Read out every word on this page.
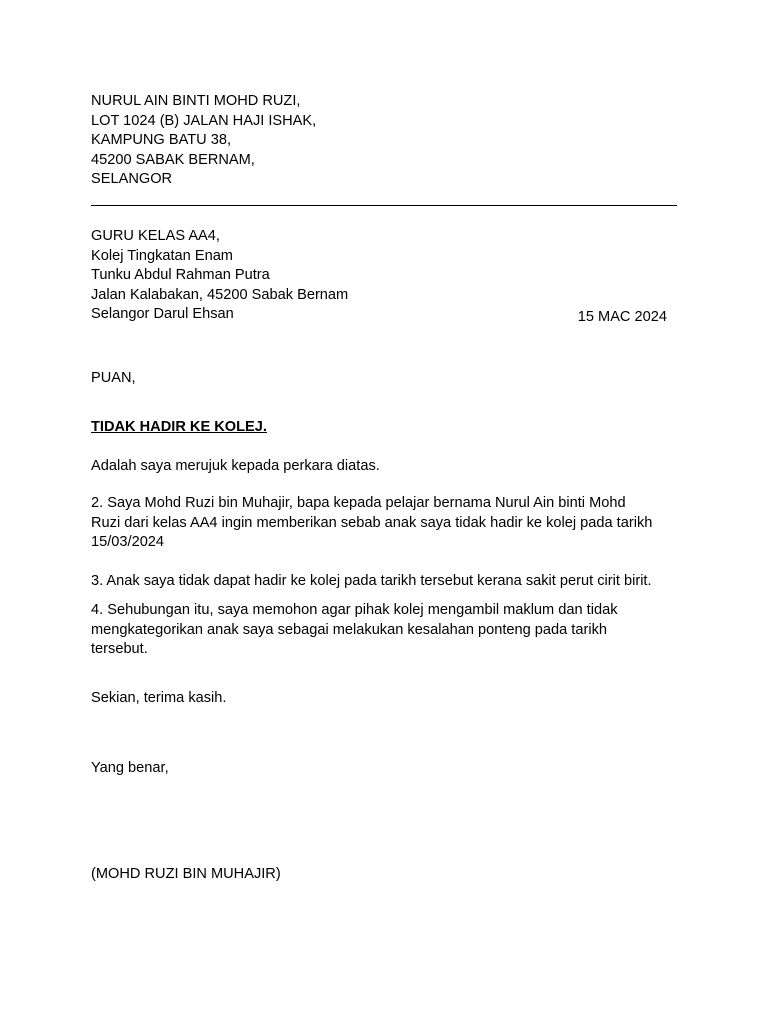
NURUL AIN BINTI MOHD RUZI,
LOT 1024 (B) JALAN HAJI ISHAK,
KAMPUNG BATU 38,
45200 SABAK BERNAM,
SELANGOR
GURU KELAS AA4,
Kolej Tingkatan Enam
Tunku Abdul Rahman Putra
Jalan Kalabakan, 45200 Sabak Bernam
Selangor Darul Ehsan	15 MAC 2024
PUAN,
TIDAK HADIR KE KOLEJ.
Adalah saya merujuk kepada perkara diatas.
2. Saya Mohd Ruzi bin Muhajir, bapa kepada pelajar bernama Nurul Ain binti Mohd
Ruzi dari kelas AA4 ingin memberikan sebab anak saya tidak hadir ke kolej pada tarikh
15/03/2024
3. Anak saya tidak dapat hadir ke kolej pada tarikh tersebut kerana sakit perut cirit birit.
4. Sehubungan itu, saya memohon agar pihak kolej mengambil maklum dan tidak
mengkategorikan anak saya sebagai melakukan kesalahan ponteng pada tarikh
tersebut.
Sekian, terima kasih.
Yang benar,
(MOHD RUZI BIN MUHAJIR)
